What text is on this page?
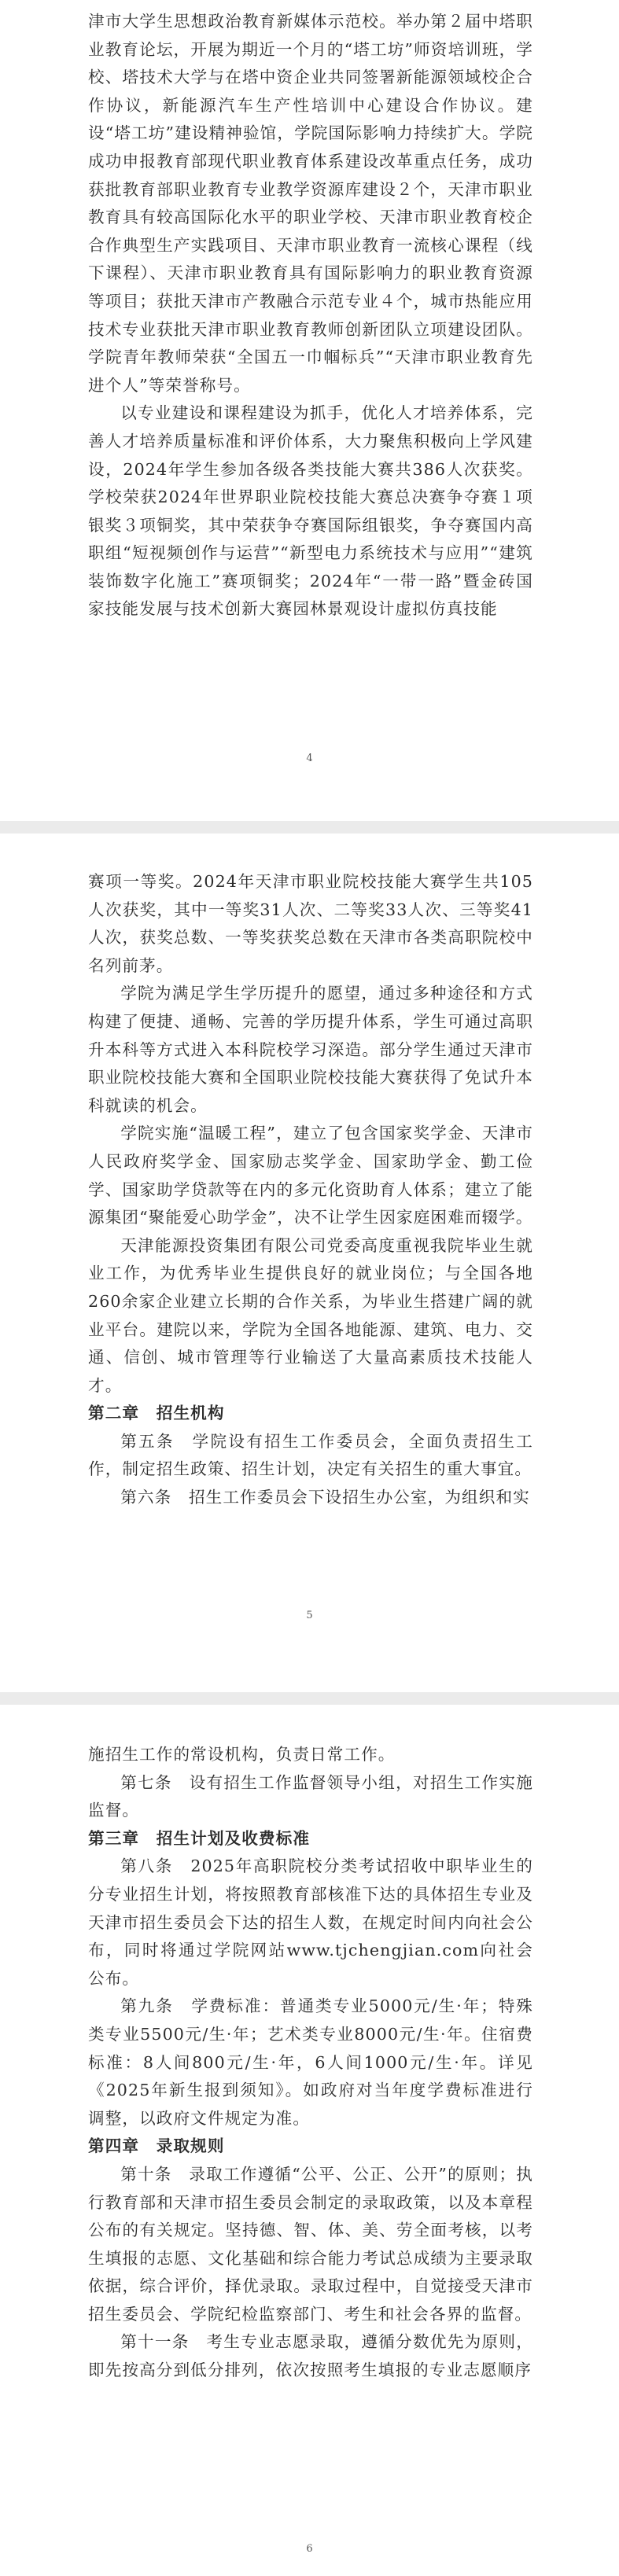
津市大学生思想政治教育新媒体示范校。举办第２届中塔职业教育论坛，开展为期近一个月的“塔工坊”师资培训班，学校、塔技术大学与在塔中资企业共同签署新能源领域校企合作协议，新能源汽车生产性培训中心建设合作协议。建设“塔工坊”建设精神验馆，学院国际影响力持续扩大。学院成功申报教育部现代职业教育体系建设改革重点任务，成功获批教育部职业教育专业教学资源库建设２个，天津市职业教育具有较高国际化水平的职业学校、天津市职业教育校企合作典型生产实践项目、天津市职业教育一流核心课程（线下课程）、天津市职业教育具有国际影响力的职业教育资源等项目；获批天津市产教融合示范专业４个，城市热能应用技术专业获批天津市职业教育教师创新团队立项建设团队。学院青年教师荣获“全国五一巾帼标兵”“天津市职业教育先进个人”等荣誉称号。

以专业建设和课程建设为抓手，优化人才培养体系，完善人才培养质量标准和评价体系，大力聚焦积极向上学风建设，2024年学生参加各级各类技能大赛共386人次获奖。学校荣获2024年世界职业院校技能大赛总决赛争夺赛１项银奖３项铜奖，其中荣获争夺赛国际组银奖，争夺赛国内高职组“短视频创作与运营”“新型电力系统技术与应用”“建筑装饰数字化施工”赛项铜奖；2024年“一带一路”暨金砖国家技能发展与技术创新大赛园林景观设计虚拟仿真技能

4

赛项一等奖。2024年天津市职业院校技能大赛学生共105人次获奖，其中一等奖31人次、二等奖33人次、三等奖41人次，获奖总数、一等奖获奖总数在天津市各类高职院校中名列前茅。

学院为满足学生学历提升的愿望，通过多种途径和方式构建了便捷、通畅、完善的学历提升体系，学生可通过高职升本科等方式进入本科院校学习深造。部分学生通过天津市职业院校技能大赛和全国职业院校技能大赛获得了免试升本科就读的机会。

学院实施“温暖工程”，建立了包含国家奖学金、天津市人民政府奖学金、国家励志奖学金、国家助学金、勤工俭学、国家助学贷款等在内的多元化资助育人体系；建立了能源集团“聚能爱心助学金”，决不让学生因家庭困难而辍学。

天津能源投资集团有限公司党委高度重视我院毕业生就业工作，为优秀毕业生提供良好的就业岗位；与全国各地260余家企业建立长期的合作关系，为毕业生搭建广阔的就业平台。建院以来，学院为全国各地能源、建筑、电力、交通、信创、城市管理等行业输送了大量高素质技术技能人才。

第二章　招生机构

第五条　学院设有招生工作委员会，全面负责招生工作，制定招生政策、招生计划，决定有关招生的重大事宜。

第六条　招生工作委员会下设招生办公室，为组织和实

5

施招生工作的常设机构，负责日常工作。

第七条　设有招生工作监督领导小组，对招生工作实施监督。

第三章　招生计划及收费标准

第八条　2025年高职院校分类考试招收中职毕业生的分专业招生计划，将按照教育部核准下达的具体招生专业及天津市招生委员会下达的招生人数，在规定时间内向社会公布，同时将通过学院网站www.tjchengjian.com向社会公布。

第九条　学费标准：普通类专业5000元/生·年；特殊类专业5500元/生·年；艺术类专业8000元/生·年。住宿费标准：8人间800元/生·年，6人间1000元/生·年。详见《2025年新生报到须知》。如政府对当年度学费标准进行调整，以政府文件规定为准。

第四章　录取规则

第十条　录取工作遵循“公平、公正、公开”的原则；执行教育部和天津市招生委员会制定的录取政策，以及本章程公布的有关规定。坚持德、智、体、美、劳全面考核，以考生填报的志愿、文化基础和综合能力考试总成绩为主要录取依据，综合评价，择优录取。录取过程中，自觉接受天津市招生委员会、学院纪检监察部门、考生和社会各界的监督。

第十一条　考生专业志愿录取，遵循分数优先为原则，即先按高分到低分排列，依次按照考生填报的专业志愿顺序

6
